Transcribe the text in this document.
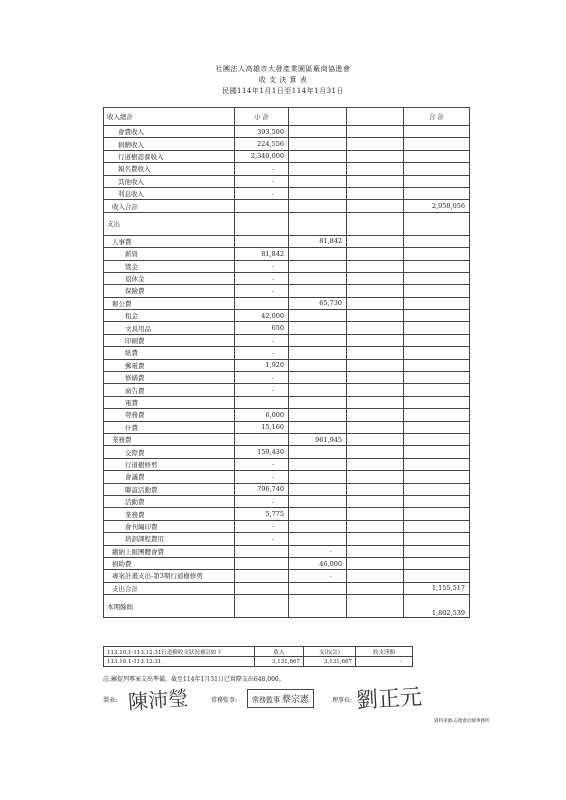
社團法人高雄市大發產業園區廠商協進會
收 支 決 算 表
民國114年1月1日至114年1月31日
收入總計	小 計			合 計
會費收入	393,500			
捐贈收入	224,556			
行道樹認養收入	2,340,000			
報名費收入	-			
其他收入	-			
利息收入	-			
收入合計				2,958,056
支出				
人事費		81,842		
薪資	81,842			
獎金	-			
退休金	-			
保險費	-			
辦公費		65,730		
租金	42,000			
文具用品	650			
印刷費	-			
紙費	-			
郵電費	1,920			
修繕費	-			
廣告費	-			
電費				
勞務費	6,000			
什費	15,160			
業務費		961,945		
交際費	159,430			
行道樹修剪	-			
會議費	-			
聯誼活動費	796,740			
活動費	-			
業務費	5,775			
會刊編印費	-			
培訓課程費用	-			
繳納上級團體會費		-		
捐助費		46,000		
專案計畫支出-第3期行道樹修剪		-		
支出合計				1,155,517
本期餘絀				1,802,539
113.10.1-113.12.31行道樹收支狀況補註如下	收入	支出(註)	收支淨額
113.10.1-113.12.31	3,131,667	3,131,667	-
註:屬提列專案支出準備，截至114年1月31日已實際支出648,000。
製表: 陳沛瑩	常務監事:	常務監事 蔡宗憲	理事長: 劉正元
資料來源:志德會計師事務所
